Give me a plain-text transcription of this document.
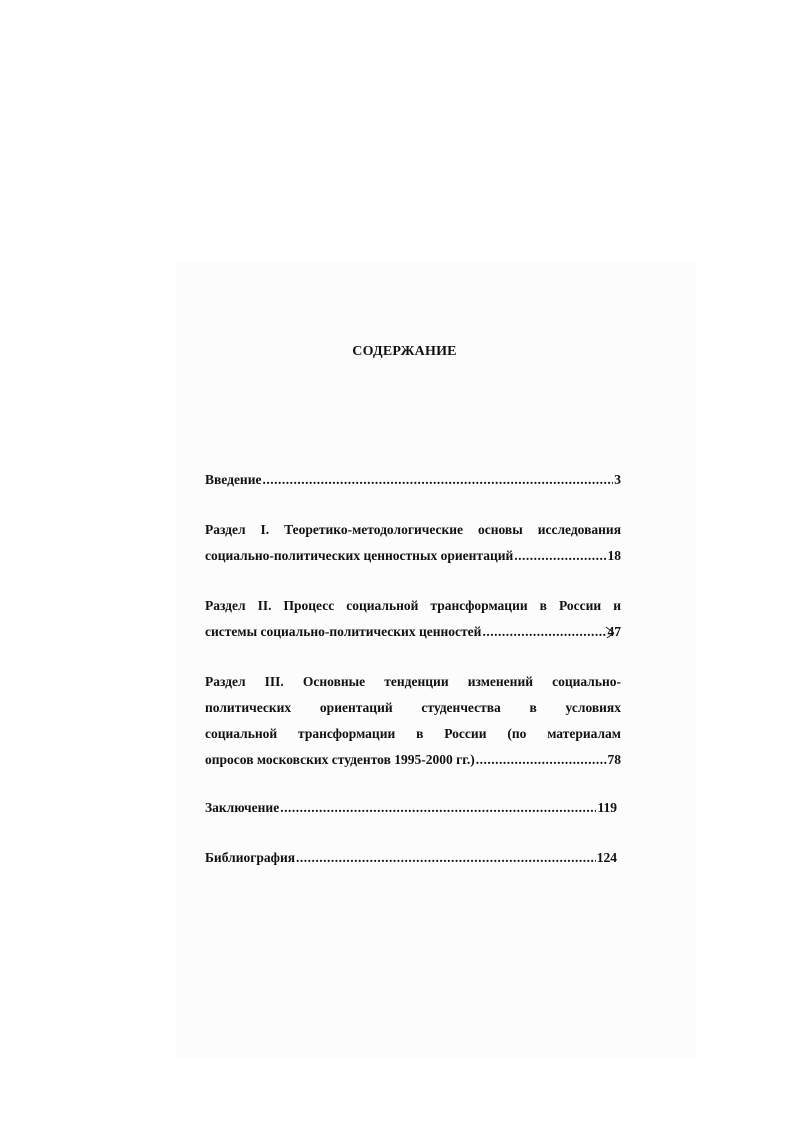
СОДЕРЖАНИЕ
Введение .....	3
Раздел I. Теоретико-методологические основы исследования
социально-политических ценностных ориентаций .....	18
Раздел II. Процесс социальной трансформации в России и
системы социально-политических ценностей .....	47
Раздел III. Основные тенденции изменений социально-
политических ориентаций студенчества в условиях
социальной трансформации в России (по материалам
опросов московских студентов 1995-2000 гг.) .....	78
Заключение .....	119
Библиография .....	124
